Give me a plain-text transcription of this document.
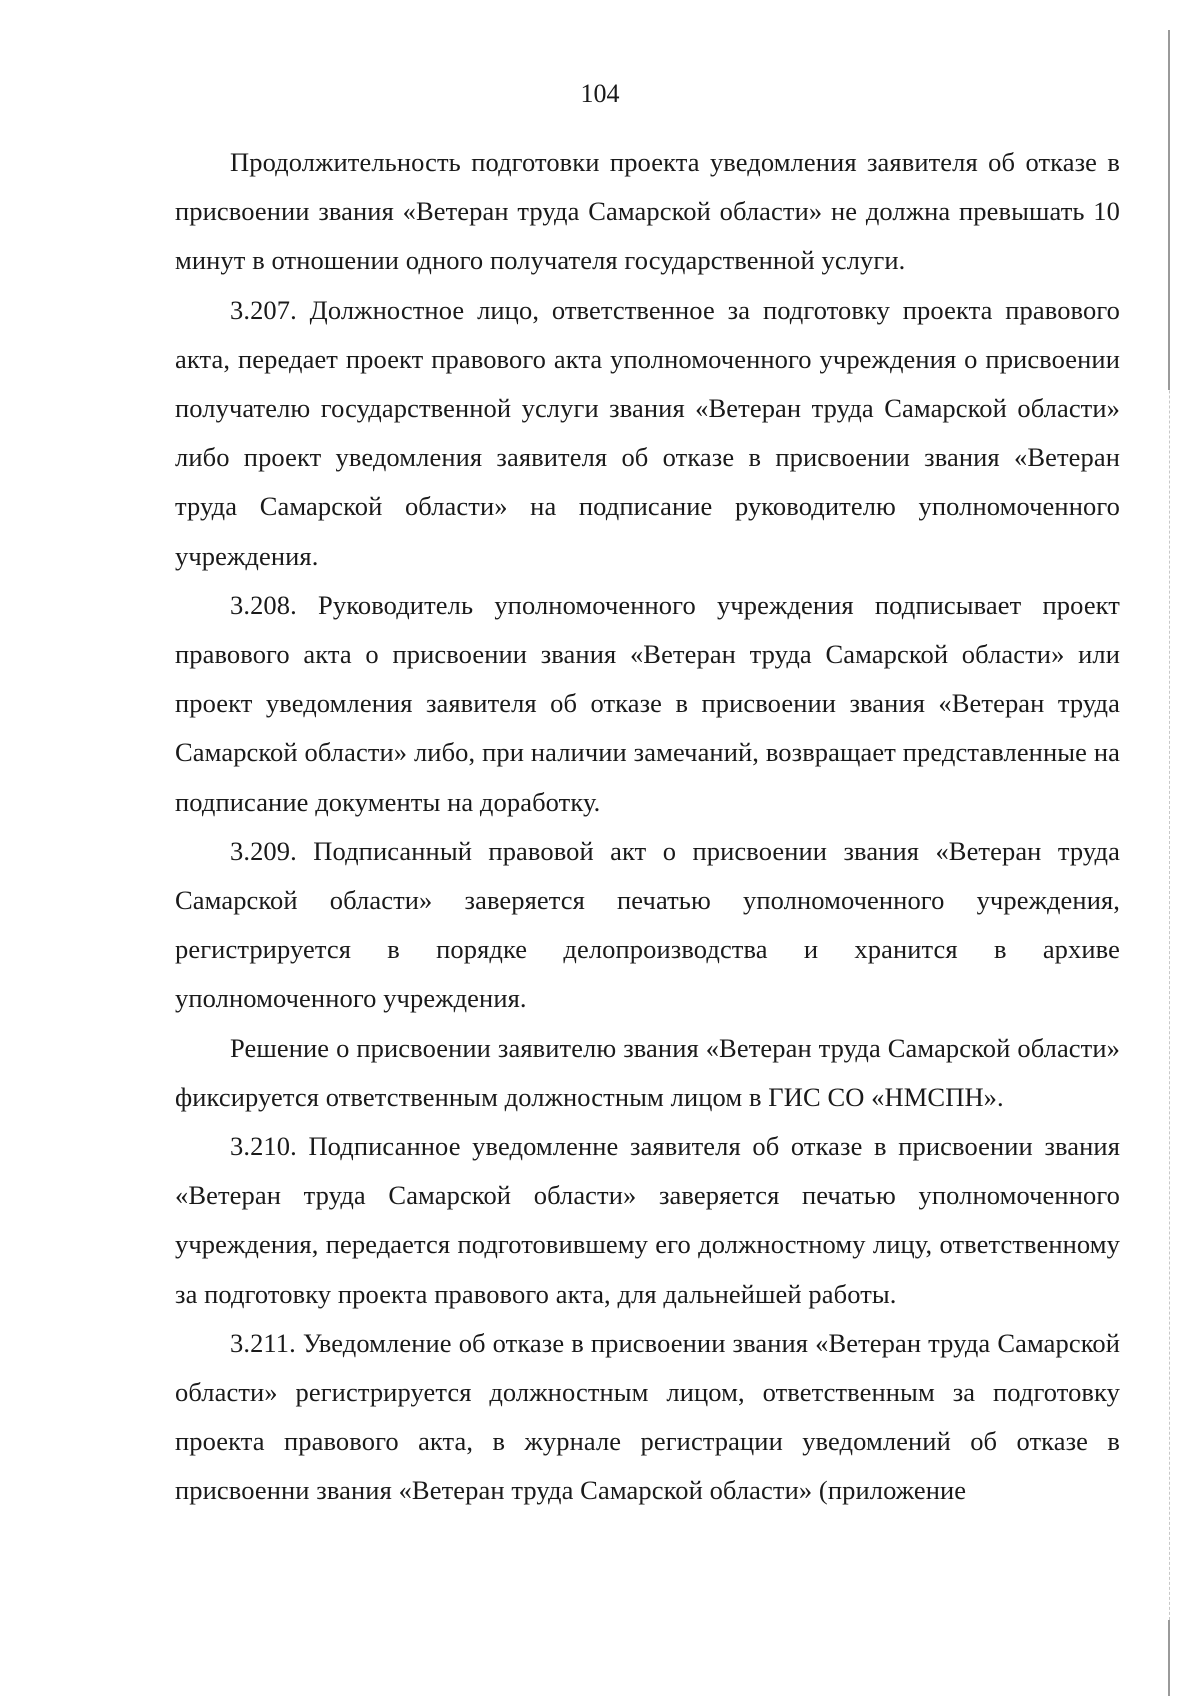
104

Продолжительность подготовки проекта уведомления заявителя об отказе в присвоении звания «Ветеран труда Самарской области» не должна превышать 10 минут в отношении одного получателя государственной услуги.

3.207. Должностное лицо, ответственное за подготовку проекта правового акта, передает проект правового акта уполномоченного учреждения о присвоении получателю государственной услуги звания «Ветеран труда Самарской области» либо проект уведомления заявителя об отказе в присвоении звания «Ветеран труда Самарской области» на подписание руководителю уполномоченного учреждения.

3.208. Руководитель уполномоченного учреждения подписывает проект правового акта о присвоении звания «Ветеран труда Самарской области» или проект уведомления заявителя об отказе в присвоении звания «Ветеран труда Самарской области» либо, при наличии замечаний, возвращает представленные на подписание документы на доработку.

3.209. Подписанный правовой акт о присвоении звания «Ветеран труда Самарской области» заверяется печатью уполномоченного учреждения, регистрируется в порядке делопроизводства и хранится в архиве уполномоченного учреждения.

Решение о присвоении заявителю звания «Ветеран труда Самарской области» фиксируется ответственным должностным лицом в ГИС СО «НМСПН».

3.210. Подписанное уведомленне заявителя об отказе в присвоении звания «Ветеран труда Самарской области» заверяется печатью уполномоченного учреждения, передается подготовившему его должностному лицу, ответственному за подготовку проекта правового акта, для дальнейшей работы.

3.211. Уведомление об отказе в присвоении звания «Ветеран труда Самарской области» регистрируется должностным лицом, ответственным за подготовку проекта правового акта, в журнале регистрации уведомлений об отказе в присвоенни звания «Ветеран труда Самарской области» (приложение
